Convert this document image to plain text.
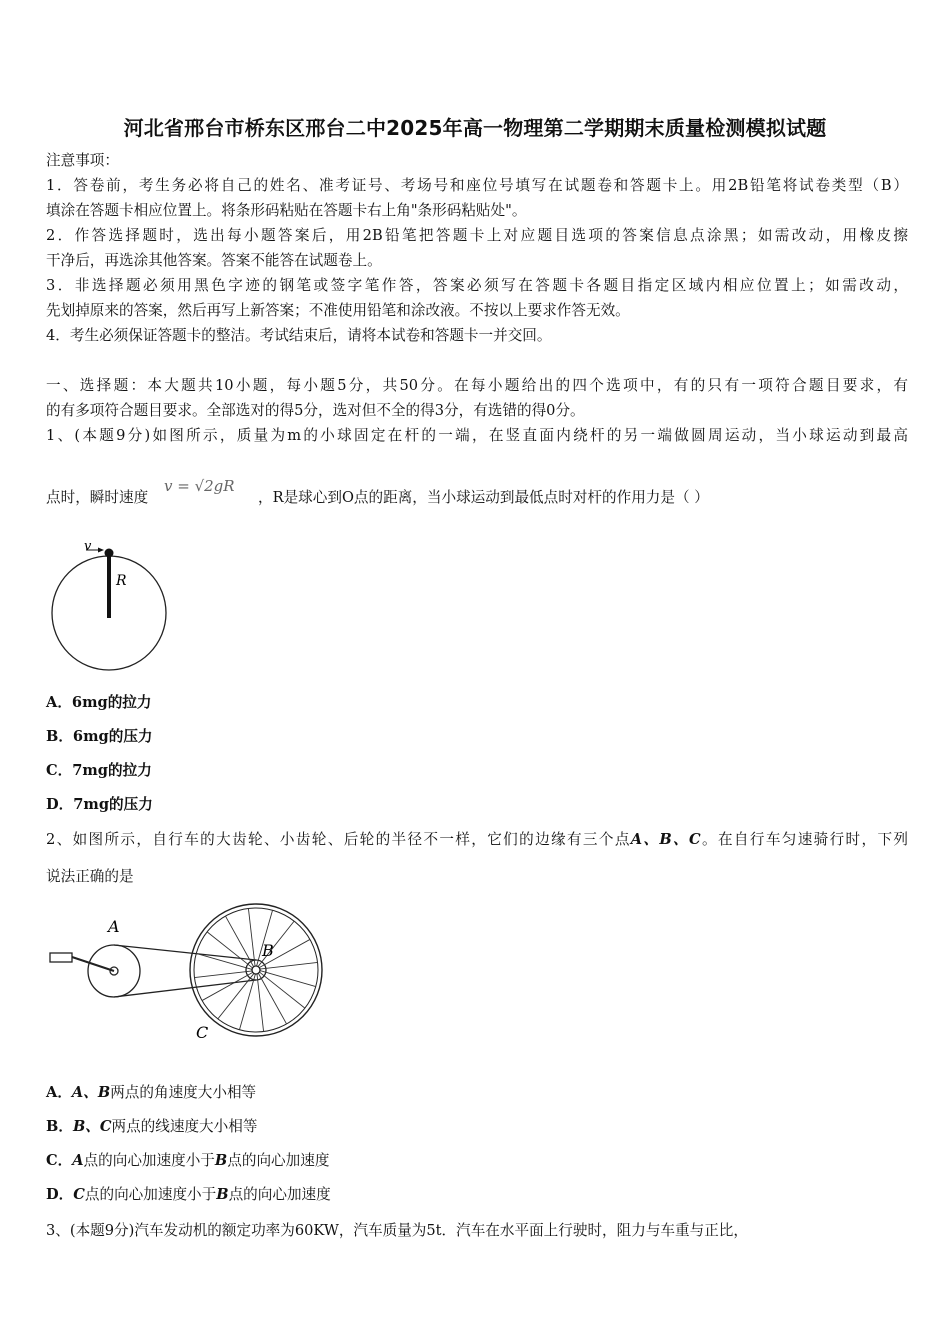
河北省邢台市桥东区邢台二中2025年高一物理第二学期期末质量检测模拟试题
注意事项：
1．答卷前，考生务必将自己的姓名、准考证号、考场号和座位号填写在试题卷和答题卡上。用2B铅笔将试卷类型（B）
填涂在答题卡相应位置上。将条形码粘贴在答题卡右上角"条形码粘贴处"。
2．作答选择题时，选出每小题答案后，用2B铅笔把答题卡上对应题目选项的答案信息点涂黑；如需改动，用橡皮擦
干净后，再选涂其他答案。答案不能答在试题卷上。
3．非选择题必须用黑色字迹的钢笔或签字笔作答，答案必须写在答题卡各题目指定区域内相应位置上；如需改动，
先划掉原来的答案，然后再写上新答案；不准使用铅笔和涂改液。不按以上要求作答无效。
4．考生必须保证答题卡的整洁。考试结束后，请将本试卷和答题卡一并交回。
一、选择题：本大题共10小题，每小题5分，共50分。在每小题给出的四个选项中，有的只有一项符合题目要求，有
的有多项符合题目要求。全部选对的得5分，选对但不全的得3分，有选错的得0分。
1、(本题9分)如图所示，质量为m的小球固定在杆的一端，在竖直面内绕杆的另一端做圆周运动，当小球运动到最高
点时，瞬时速度
v = √2gR
，R是球心到O点的距离，当小球运动到最低点时对杆的作用力是（ ）
v
R
A．6mg的拉力
B．6mg的压力
C．7mg的拉力
D．7mg的压力
2、如图所示，自行车的大齿轮、小齿轮、后轮的半径不一样，它们的边缘有三个点A、B、C。在自行车匀速骑行时，下列
说法正确的是
A
B
C
A．A、B两点的角速度大小相等
B．B、C两点的线速度大小相等
C．A点的向心加速度小于B点的向心加速度
D．C点的向心加速度小于B点的向心加速度
3、(本题9分)汽车发动机的额定功率为60KW，汽车质量为5t．汽车在水平面上行驶时，阻力与车重与正比，
